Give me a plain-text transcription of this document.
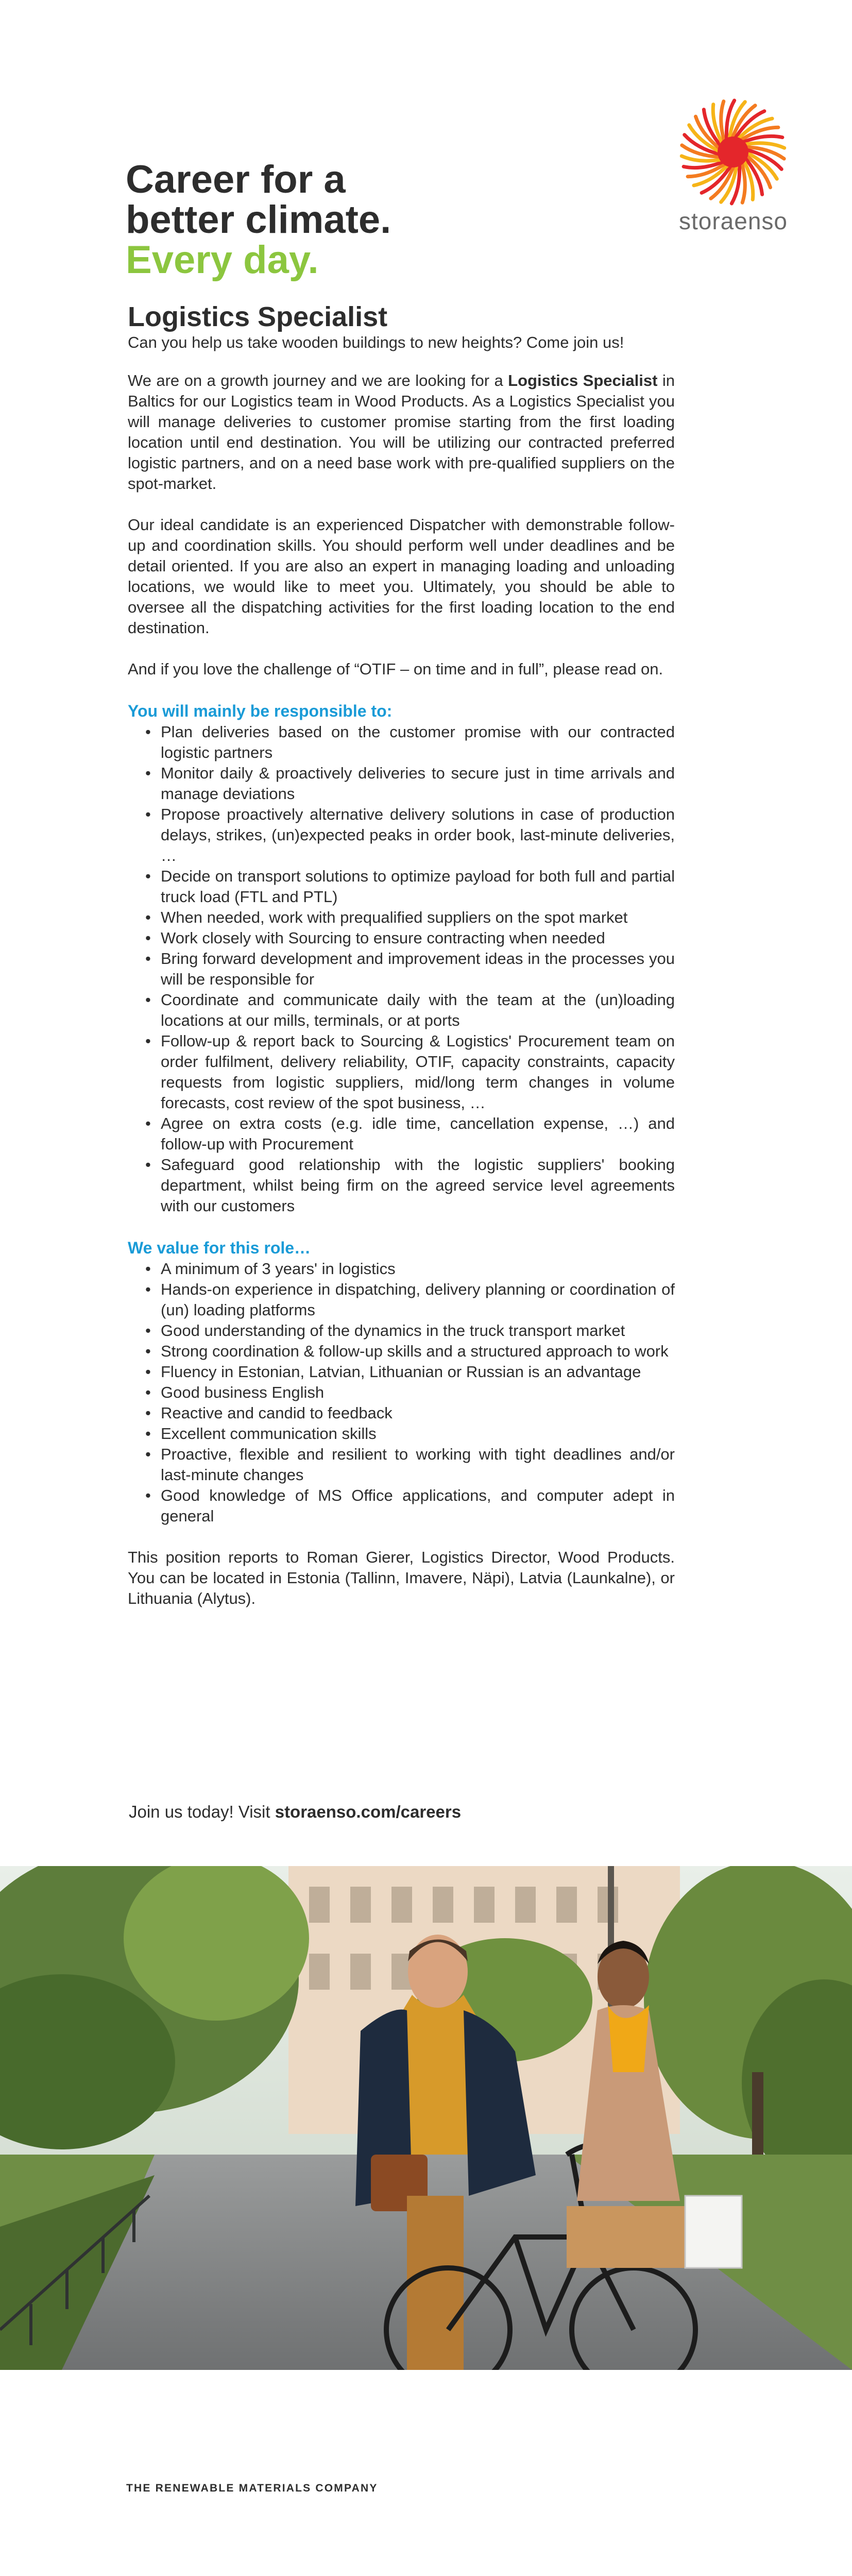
storaenso
Career for a
better climate.
Every day.
Logistics Specialist

Can you help us take wooden buildings to new heights? Come join us!

We are on a growth journey and we are looking for a Logistics Specialist in Baltics for our Logistics team in Wood Products. As a Logistics Specialist you will manage deliveries to customer promise starting from the first loading location until end destination. You will be utilizing our contracted preferred logistic partners, and on a need base work with pre-qualified suppliers on the spot-market.

Our ideal candidate is an experienced Dispatcher with demonstrable follow-up and coordination skills. You should perform well under deadlines and be detail oriented. If you are also an expert in managing loading and unloading locations, we would like to meet you. Ultimately, you should be able to oversee all the dispatching activities for the first loading location to the end destination.

And if you love the challenge of “OTIF – on time and in full”, please read on.

You will mainly be responsible to:
• Plan deliveries based on the customer promise with our contracted logistic partners
• Monitor daily & proactively deliveries to secure just in time arrivals and manage deviations
• Propose proactively alternative delivery solutions in case of production delays, strikes, (un)expected peaks in order book, last-minute deliveries, …
• Decide on transport solutions to optimize payload for both full and partial truck load (FTL and PTL)
• When needed, work with prequalified suppliers on the spot market
• Work closely with Sourcing to ensure contracting when needed
• Bring forward development and improvement ideas in the processes you will be responsible for
• Coordinate and communicate daily with the team at the (un)loading locations at our mills, terminals, or at ports
• Follow-up & report back to Sourcing & Logistics' Procurement team on order fulfilment, delivery reliability, OTIF, capacity constraints, capacity requests from logistic suppliers, mid/long term changes in volume forecasts, cost review of the spot business, …
• Agree on extra costs (e.g. idle time, cancellation expense, …) and follow-up with Procurement
• Safeguard good relationship with the logistic suppliers' booking department, whilst being firm on the agreed service level agreements with our customers
We value for this role…
• A minimum of 3 years' in logistics
• Hands-on experience in dispatching, delivery planning or coordination of (un) loading platforms
• Good understanding of the dynamics in the truck transport market
• Strong coordination & follow-up skills and a structured approach to work
• Fluency in Estonian, Latvian, Lithuanian or Russian is an advantage
• Good business English
• Reactive and candid to feedback
• Excellent communication skills
• Proactive, flexible and resilient to working with tight deadlines and/or last-minute changes
• Good knowledge of MS Office applications, and computer adept in general

This position reports to Roman Gierer, Logistics Director, Wood Products. You can be located in Estonia (Tallinn, Imavere, Näpi), Latvia (Launkalne), or Lithuania (Alytus).

Join us today! Visit storaenso.com/careers
THE RENEWABLE MATERIALS COMPANY
